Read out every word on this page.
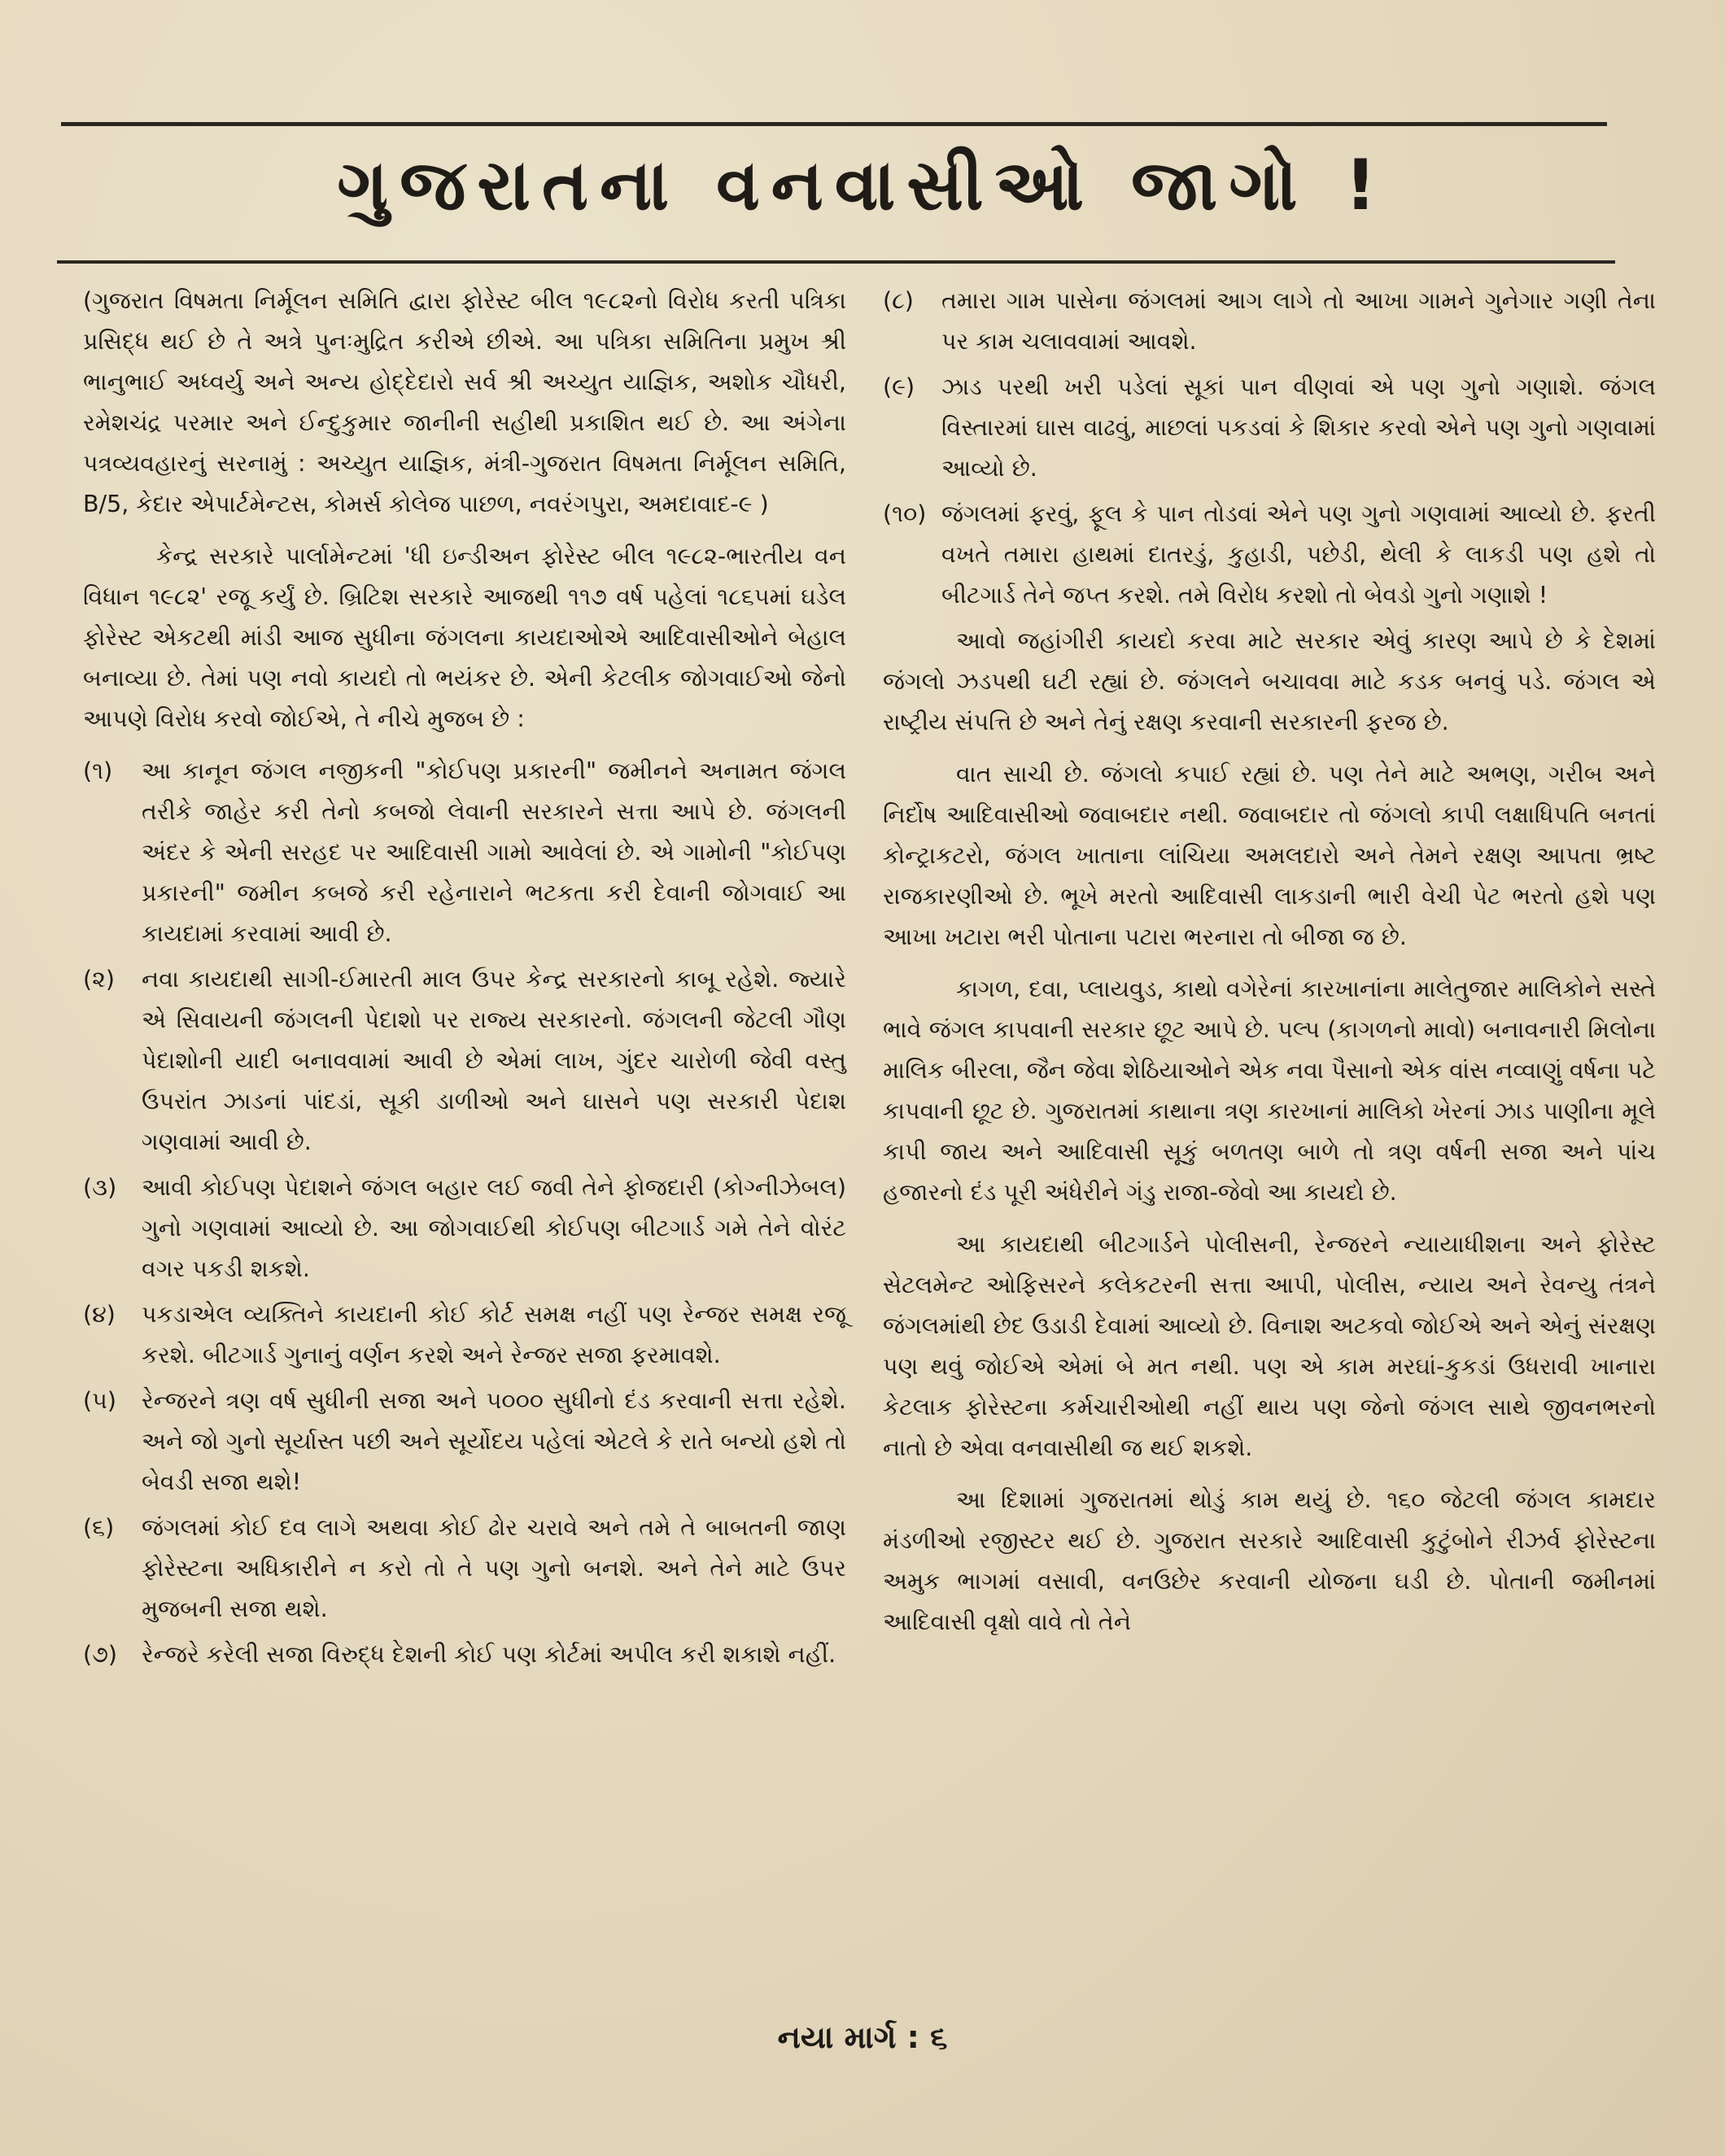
ગુજરાતના વનવાસીઓ જાગો !

(ગુજરાત વિષમતા નિર્મૂલન સમિતિ દ્વારા ફોરેસ્ટ બીલ ૧૯૮૨નો વિરોધ કરતી પત્રિકા પ્રસિદ્ધ થઈ છે તે અત્રે પુનઃમુદ્રિત કરીએ છીએ. આ પત્રિકા સમિતિના પ્રમુખ શ્રી ભાનુભાઈ અધ્વર્યુ અને અન્ય હોદ્દેદારો સર્વ શ્રી અચ્યુત યાજ્ઞિક, અશોક ચૌધરી, રમેશચંદ્ર પરમાર અને ઈન્દુકુમાર જાનીની સહીથી પ્રકાશિત થઈ છે. આ અંગેના પત્રવ્યવહારનું સરનામું : અચ્યુત યાજ્ઞિક, મંત્રી-ગુજરાત વિષમતા નિર્મૂલન સમિતિ, B/5, કેદાર એપાર્ટમેન્ટસ, કોમર્સ કોલેજ પાછળ, નવરંગપુરા, અમદાવાદ-૯ )

કેન્દ્ર સરકારે પાર્લામેન્ટમાં 'ધી ઇન્ડીઅન ફોરેસ્ટ બીલ ૧૯૮૨-ભારતીય વન વિધાન ૧૯૮૨' રજૂ કર્યું છે. બ્રિટિશ સરકારે આજથી ૧૧૭ વર્ષ પહેલાં ૧૮૬૫માં ઘડેલ ફોરેસ્ટ એકટથી માંડી આજ સુધીના જંગલના કાયદાઓએ આદિવાસીઓને બેહાલ બનાવ્યા છે. તેમાં પણ નવો કાયદો તો ભયંકર છે. એની કેટલીક જોગવાઈઓ જેનો આપણે વિરોધ કરવો જોઈએ, તે નીચે મુજબ છે :

(૧)	આ કાનૂન જંગલ નજીકની "કોઈપણ પ્રકારની" જમીનને અનામત જંગલ તરીકે જાહેર કરી તેનો કબજો લેવાની સરકારને સત્તા આપે છે. જંગલની અંદર કે એની સરહદ પર આદિવાસી ગામો આવેલાં છે. એ ગામોની "કોઈપણ પ્રકારની" જમીન કબજે કરી રહેનારાને ભટકતા કરી દેવાની જોગવાઈ આ કાયદામાં કરવામાં આવી છે.
(૨)	નવા કાયદાથી સાગી-ઈમારતી માલ ઉપર કેન્દ્ર સરકારનો કાબૂ રહેશે. જ્યારે એ સિવાયની જંગલની પેદાશો પર રાજ્ય સરકારનો. જંગલની જેટલી ગૌણ પેદાશોની યાદી બનાવવામાં આવી છે એમાં લાખ, ગુંદર ચારોળી જેવી વસ્તુ ઉપરાંત ઝાડનાં પાંદડાં, સૂકી ડાળીઓ અને ઘાસને પણ સરકારી પેદાશ ગણવામાં આવી છે.
(૩)	આવી કોઈપણ પેદાશને જંગલ બહાર લઈ જવી તેને ફોજદારી (કોગ્નીઝેબલ) ગુનો ગણવામાં આવ્યો છે. આ જોગવાઈથી કોઈપણ બીટગાર્ડ ગમે તેને વોરંટ વગર પકડી શકશે.
(૪)	પકડાએલ વ્યક્તિને કાયદાની કોઈ કોર્ટ સમક્ષ નહીં પણ રેન્જર સમક્ષ રજૂ કરશે. બીટગાર્ડ ગુનાનું વર્ણન કરશે અને રેન્જર સજા ફરમાવશે.
(૫)	રેન્જરને ત્રણ વર્ષ સુધીની સજા અને ૫૦૦૦ સુધીનો દંડ કરવાની સત્તા રહેશે. અને જો ગુનો સૂર્યાસ્ત પછી અને સૂર્યોદય પહેલાં એટલે કે રાતે બન્યો હશે તો બેવડી સજા થશે!
(૬)	જંગલમાં કોઈ દવ લાગે અથવા કોઈ ઢોર ચરાવે અને તમે તે બાબતની જાણ ફોરેસ્ટના અધિકારીને ન કરો તો તે પણ ગુનો બનશે. અને તેને માટે ઉપર મુજબની સજા થશે.
(૭)	રેન્જરે કરેલી સજા વિરુદ્ધ દેશની કોઈ પણ કોર્ટમાં અપીલ કરી શકાશે નહીં.
(૮)	તમારા ગામ પાસેના જંગલમાં આગ લાગે તો આખા ગામને ગુનેગાર ગણી તેના પર કામ ચલાવવામાં આવશે.
(૯)	ઝાડ પરથી ખરી પડેલાં સૂકાં પાન વીણવાં એ પણ ગુનો ગણાશે. જંગલ વિસ્તારમાં ઘાસ વાઢવું, માછલાં પકડવાં કે શિકાર કરવો એને પણ ગુનો ગણવામાં આવ્યો છે.
(૧૦) જંગલમાં ફરવું, ફૂલ કે પાન તોડવાં એને પણ ગુનો ગણવામાં આવ્યો છે. ફરતી વખતે તમારા હાથમાં દાતરડું, કુહાડી, પછેડી, થેલી કે લાકડી પણ હશે તો બીટગાર્ડ તેને જપ્ત કરશે. તમે વિરોધ કરશો તો બેવડો ગુનો ગણાશે !

આવો જહાંગીરી કાયદો કરવા માટે સરકાર એવું કારણ આપે છે કે દેશમાં જંગલો ઝડપથી ઘટી રહ્યાં છે. જંગલને બચાવવા માટે કડક બનવું પડે. જંગલ એ રાષ્ટ્રીય સંપત્તિ છે અને તેનું રક્ષણ કરવાની સરકારની ફરજ છે.

વાત સાચી છે. જંગલો કપાઈ રહ્યાં છે. પણ તેને માટે અભણ, ગરીબ અને નિર્દોષ આદિવાસીઓ જવાબદાર નથી. જવાબદાર તો જંગલો કાપી લક્ષાધિપતિ બનતાં કોન્ટ્રાકટરો, જંગલ ખાતાના લાંચિયા અમલદારો અને તેમને રક્ષણ આપતા ભ્રષ્ટ રાજકારણીઓ છે. ભૂખે મરતો આદિવાસી લાકડાની ભારી વેચી પેટ ભરતો હશે પણ આખા ખટારા ભરી પોતાના પટારા ભરનારા તો બીજા જ છે.

કાગળ, દવા, પ્લાયવુડ, કાથો વગેરેનાં કારખાનાંના માલેતુજાર માલિકોને સસ્તે ભાવે જંગલ કાપવાની સરકાર છૂટ આપે છે. પલ્પ (કાગળનો માવો) બનાવનારી મિલોના માલિક બીરલા, જૈન જેવા શેઠિયાઓને એક નવા પૈસાનો એક વાંસ નવ્વાણું વર્ષના પટે કાપવાની છૂટ છે. ગુજરાતમાં કાથાના ત્રણ કારખાનાં માલિકો ખેરનાં ઝાડ પાણીના મૂલે કાપી જાય અને આદિવાસી સૂકું બળતણ બાળે તો ત્રણ વર્ષની સજા અને પાંચ હજારનો દંડ પૂરી અંધેરીને ગંડુ રાજા-જેવો આ કાયદો છે.

આ કાયદાથી બીટગાર્ડને પોલીસની, રેન્જરને ન્યાયાધીશના અને ફોરેસ્ટ સેટલમેન્ટ ઓફિસરને કલેકટરની સત્તા આપી, પોલીસ, ન્યાય અને રેવન્યુ તંત્રને જંગલમાંથી છેદ ઉડાડી દેવામાં આવ્યો છે. વિનાશ અટકવો જોઈએ અને એનું સંરક્ષણ પણ થવું જોઈએ એમાં બે મત નથી. પણ એ કામ મરઘાં-કુકડાં ઉધરાવી ખાનારા કેટલાક ફોરેસ્ટના કર્મચારીઓથી નહીં થાય પણ જેનો જંગલ સાથે જીવનભરનો નાતો છે એવા વનવાસીથી જ થઈ શકશે.

આ દિશામાં ગુજરાતમાં થોડું કામ થયું છે. ૧૬૦ જેટલી જંગલ કામદાર મંડળીઓ રજીસ્ટર થઈ છે. ગુજરાત સરકારે આદિવાસી કુટુંબોને રીઝર્વ ફોરેસ્ટના અમુક ભાગમાં વસાવી, વનઉછેર કરવાની યોજના ઘડી છે. પોતાની જમીનમાં આદિવાસી વૃક્ષો વાવે તો તેને

નયા માર્ગ : ૬
